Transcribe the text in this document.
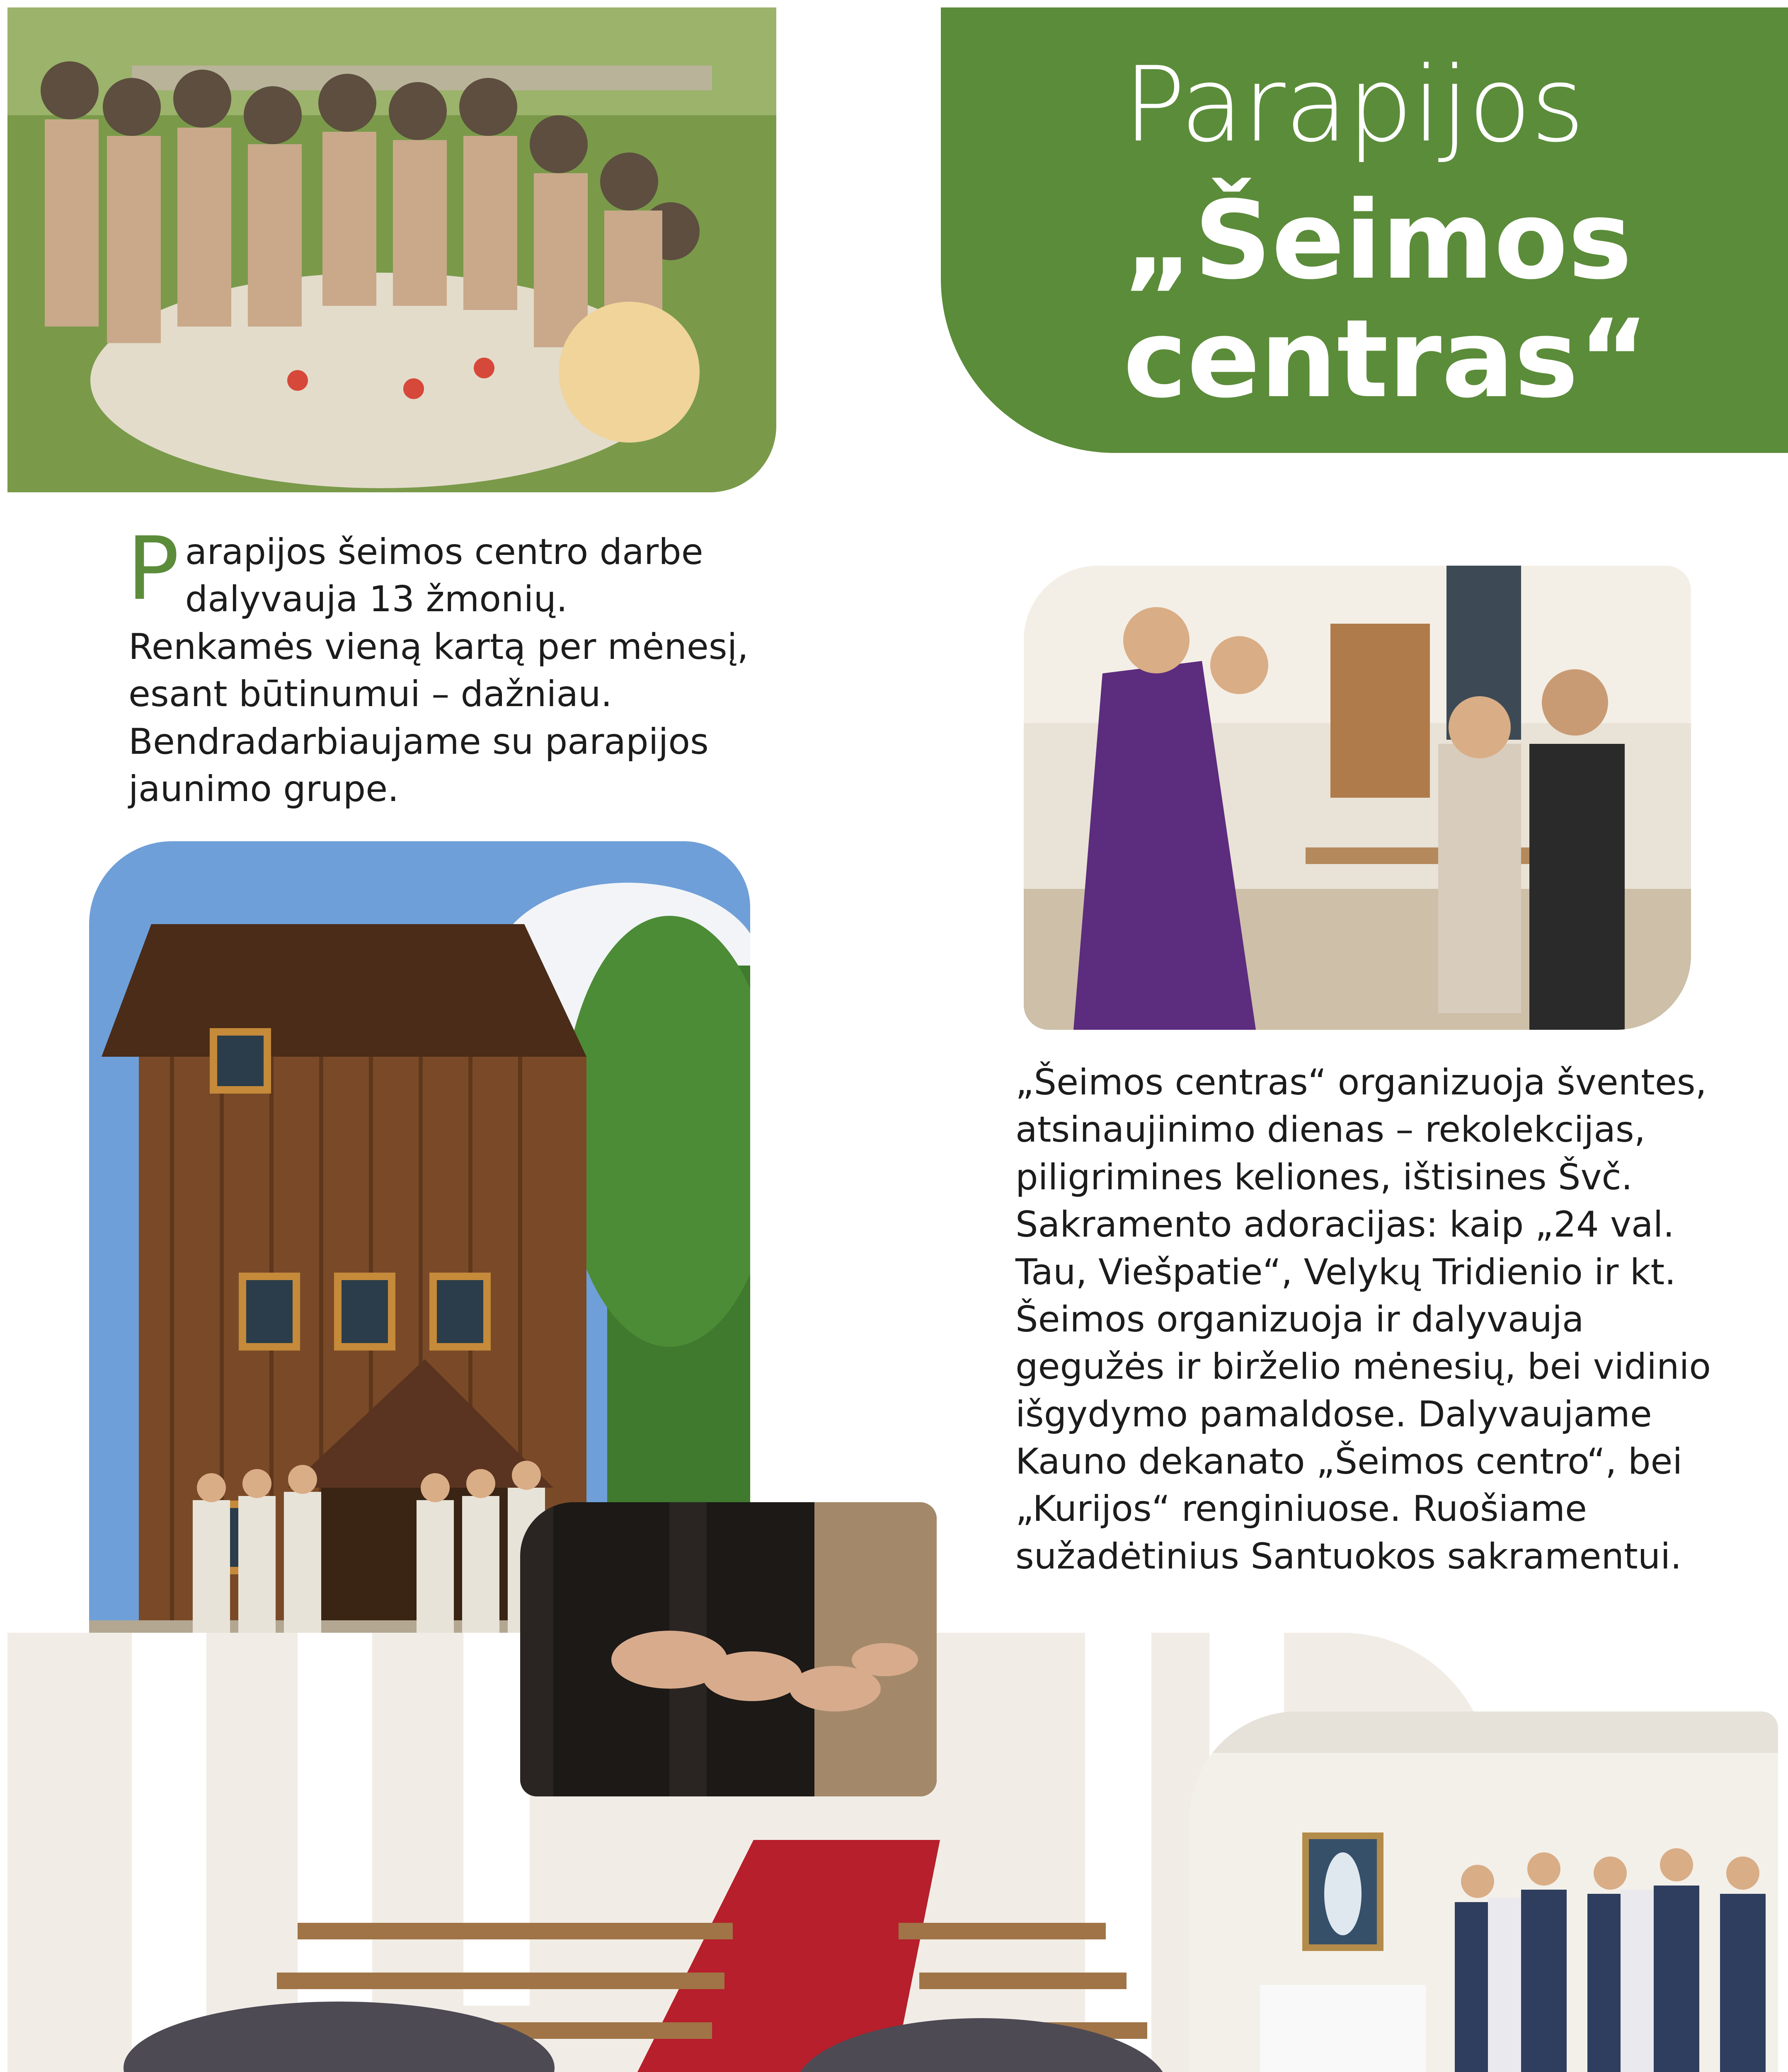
Parapijos
„Šeimos centras“
P arapijos šeimos centro darbe dalyvauja 13 žmonių. Renkamės vieną kartą per mėnesį, esant būtinumui – dažniau. Bendradarbiaujame su parapijos jaunimo grupe.
„Šeimos centras“ organizuoja šventes, atsinaujinimo dienas – rekolekcijas, piligrimines keliones, ištisines Švč. Sakramento adoracijas: kaip „24 val. Tau, Viešpatie“, Velykų Tridienio ir kt. Šeimos organizuoja ir dalyvauja gegužės ir birželio mėnesių, bei vidinio išgydymo pamaldose. Dalyvaujame Kauno dekanato „Šeimos centro“, bei „Kurijos“ renginiuose. Ruošiame sužadėtinius Santuokos sakramentui.
